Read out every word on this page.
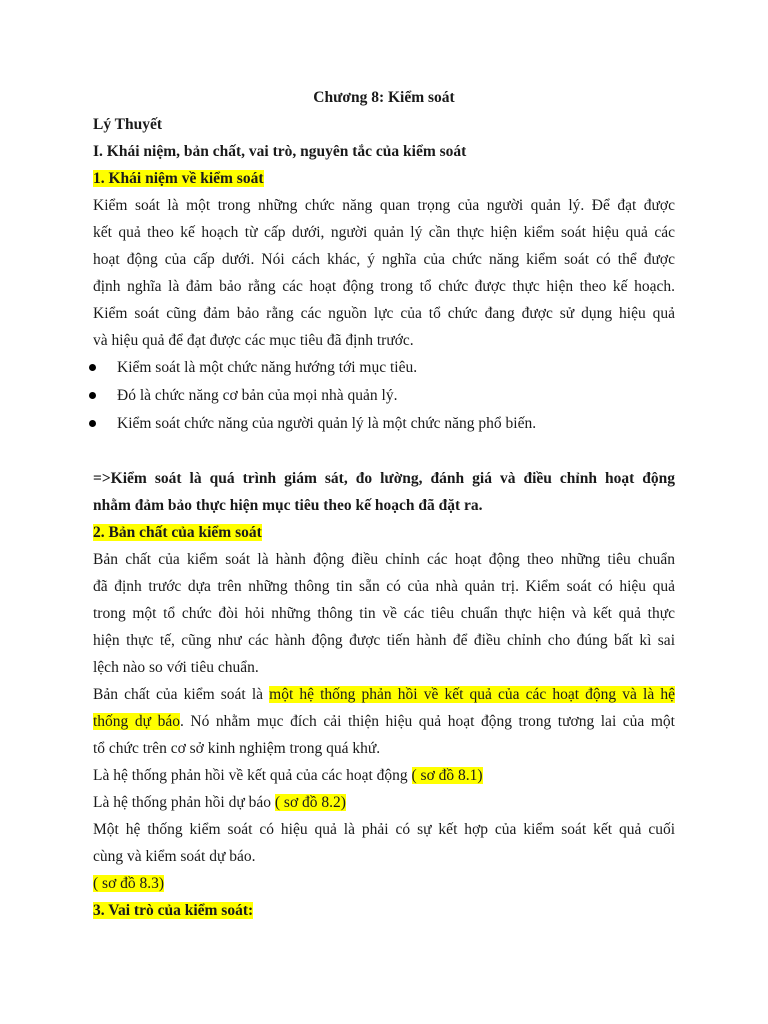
Chương 8: Kiểm soát
Lý Thuyết
I. Khái niệm, bản chất, vai trò, nguyên tắc của kiểm soát
1. Khái niệm về kiểm soát
Kiểm soát là một trong những chức năng quan trọng của người quản lý. Để đạt được
kết quả theo kế hoạch từ cấp dưới, người quản lý cần thực hiện kiểm soát hiệu quả các
hoạt động của cấp dưới. Nói cách khác, ý nghĩa của chức năng kiểm soát có thể được
định nghĩa là đảm bảo rằng các hoạt động trong tổ chức được thực hiện theo kế hoạch.
Kiểm soát cũng đảm bảo rằng các nguồn lực của tổ chức đang được sử dụng hiệu quả
và hiệu quả để đạt được các mục tiêu đã định trước.
Kiểm soát là một chức năng hướng tới mục tiêu.
Đó là chức năng cơ bản của mọi nhà quản lý.
Kiểm soát chức năng của người quản lý là một chức năng phổ biến.
=>Kiểm soát là quá trình giám sát, đo lường, đánh giá và điều chỉnh hoạt động
nhằm đảm bảo thực hiện mục tiêu theo kế hoạch đã đặt ra.
2. Bản chất của kiểm soát
Bản chất của kiểm soát là hành động điều chỉnh các hoạt động theo những tiêu chuẩn
đã định trước dựa trên những thông tin sẵn có của nhà quản trị. Kiểm soát có hiệu quả
trong một tổ chức đòi hỏi những thông tin về các tiêu chuẩn thực hiện và kết quả thực
hiện thực tế, cũng như các hành động được tiến hành để điều chỉnh cho đúng bất kì sai
lệch nào so với tiêu chuẩn.
Bản chất của kiểm soát là một hệ thống phản hồi về kết quả của các hoạt động và là hệ
thống dự báo. Nó nhằm mục đích cải thiện hiệu quả hoạt động trong tương lai của một
tổ chức trên cơ sở kinh nghiệm trong quá khứ.
Là hệ thống phản hồi về kết quả của các hoạt động ( sơ đồ 8.1)
Là hệ thống phản hồi dự báo ( sơ đồ 8.2)
Một hệ thống kiểm soát có hiệu quả là phải có sự kết hợp của kiểm soát kết quả cuối
cùng và kiểm soát dự báo.
( sơ đồ 8.3)
3. Vai trò của kiểm soát:
